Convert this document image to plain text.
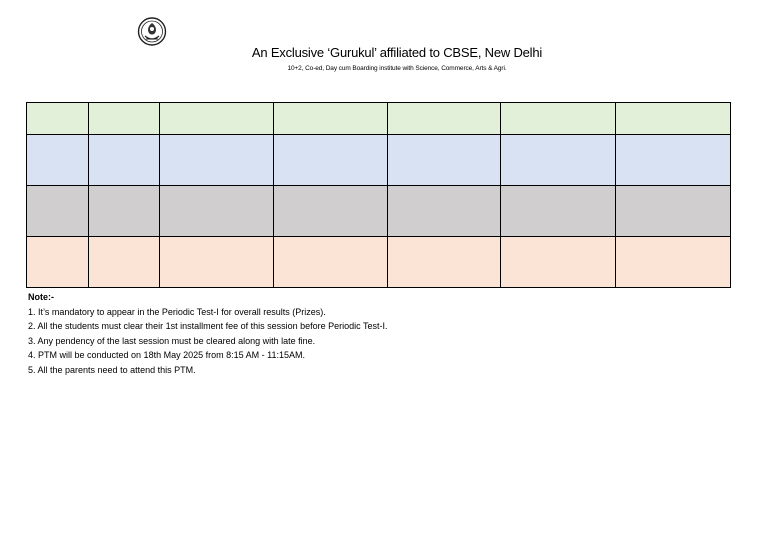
An Exclusive ‘Gurukul’ affiliated to CBSE, New Delhi
10+2, Co-ed, Day cum Boarding institute with Science, Commerce, Arts & Agri.

Note:-
1. It’s mandatory to appear in the Periodic Test-I for overall results (Prizes).
2. All the students must clear their 1st installment fee of this session before Periodic Test-I.
3. Any pendency of the last session must be cleared along with late fine.
4. PTM will be conducted on 18th May 2025 from 8:15 AM - 11:15AM.
5. All the parents need to attend this PTM.
